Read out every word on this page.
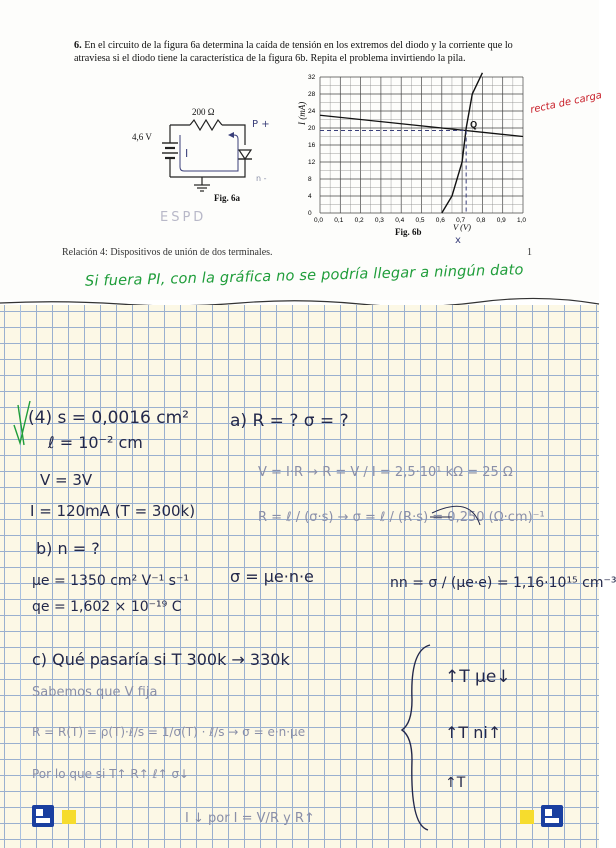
6. En el circuito de la figura 6a determina la caída de tensión en los extremos del diodo y la corriente que lo atraviesa si el diodo tiene la característica de la figura 6b. Repita el problema invirtiendo la pila.
200 Ω
4,6 V
I
P +
n -
Fig. 6a
0,0 0,1 0,2 0,3 0,4 0,5 0,6 0,7 0,8 0,9 1,0
0
4
8
12
16
20
24
28
32
Q
I (mA)
V (V)
Fig. 6b
x
recta de carga
ESPD
Relación 4: Dispositivos de unión de dos terminales.	1
Si fuera PI, con la gráfica no se podría llegar a ningún dato
(4) s = 0,0016 cm²
ℓ = 10⁻² cm
V = 3V
I = 120mA (T = 300k)
a) R = ? σ = ?
V = I·R → R = V / I = 2,5·10¹ kΩ = 25 Ω
R = ℓ / (σ·s) → σ = ℓ / (R·s) = 0,250 (Ω·cm)⁻¹
b) n = ?
μe = 1350 cm² V⁻¹ s⁻¹
qe = 1,602 × 10⁻¹⁹ C
σ = μe·n·e	nn = σ / (μe·e) = 1,16·10¹⁵ cm⁻³
c) Qué pasaría si T 300k → 330k
Sabemos que V fija
R = R(T) = ρ(T)·ℓ/s = 1/σ(T) · ℓ/s → σ = e·n·μe
↑T μe↓
↑T ni↑
↑T
Por lo que si T↑ R↑ ℓ↑ σ↓
I ↓ por I = V/R y R↑
